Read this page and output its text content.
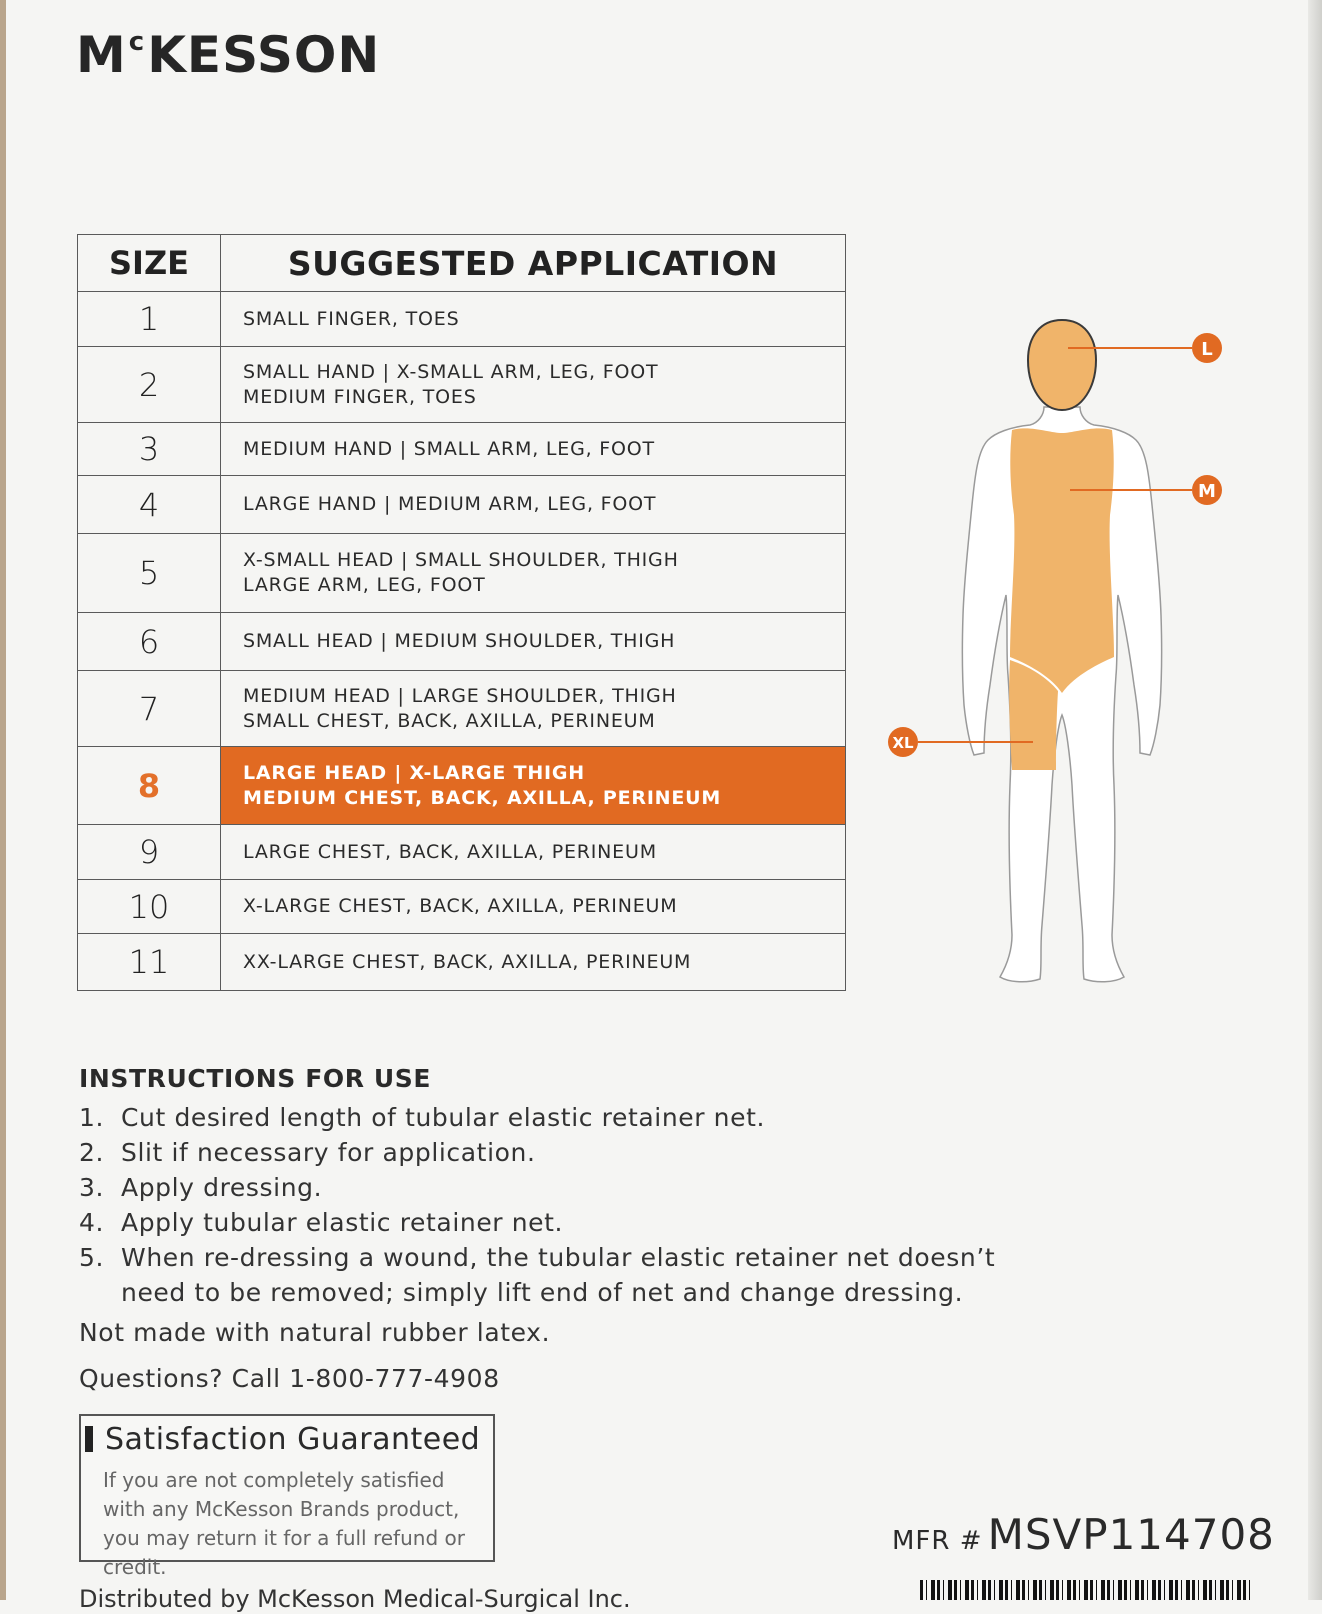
$M^cKESSON$
SIZE	SUGGESTED APPLICATION
1	SMALL FINGER, TOES

2	SMALL HAND | X-SMALL ARM, LEG, FOOT
MEDIUM FINGER, TOES

3	MEDIUM HAND | SMALL ARM, LEG, FOOT

4	LARGE HAND | MEDIUM ARM, LEG, FOOT

5	X-SMALL HEAD | SMALL SHOULDER, THIGH
LARGE ARM, LEG, FOOT

6	SMALL HEAD | MEDIUM SHOULDER, THIGH

7	MEDIUM HEAD | LARGE SHOULDER, THIGH
SMALL CHEST, BACK, AXILLA, PERINEUM

8	LARGE HEAD | X-LARGE THIGH
MEDIUM CHEST, BACK, AXILLA, PERINEUM

9	LARGE CHEST, BACK, AXILLA, PERINEUM

10	X-LARGE CHEST, BACK, AXILLA, PERINEUM

11	XX-LARGE CHEST, BACK, AXILLA, PERINEUM
L
M
XL
INSTRUCTIONS FOR USE
1. Cut desired length of tubular elastic retainer net.
2. Slit if necessary for application.
3. Apply dressing.
4. Apply tubular elastic retainer net.
5. When re-dressing a wound, the tubular elastic retainer net doesn’t need to be removed; simply lift end of net and change dressing.
Not made with natural rubber latex.
Questions? Call 1-800-777-4908
Satisfaction Guaranteed
If you are not completely satisfied with any McKesson Brands product, you may return it for a full refund or credit.
MFR # MSVP114708
Distributed by McKesson Medical-Surgical Inc.
